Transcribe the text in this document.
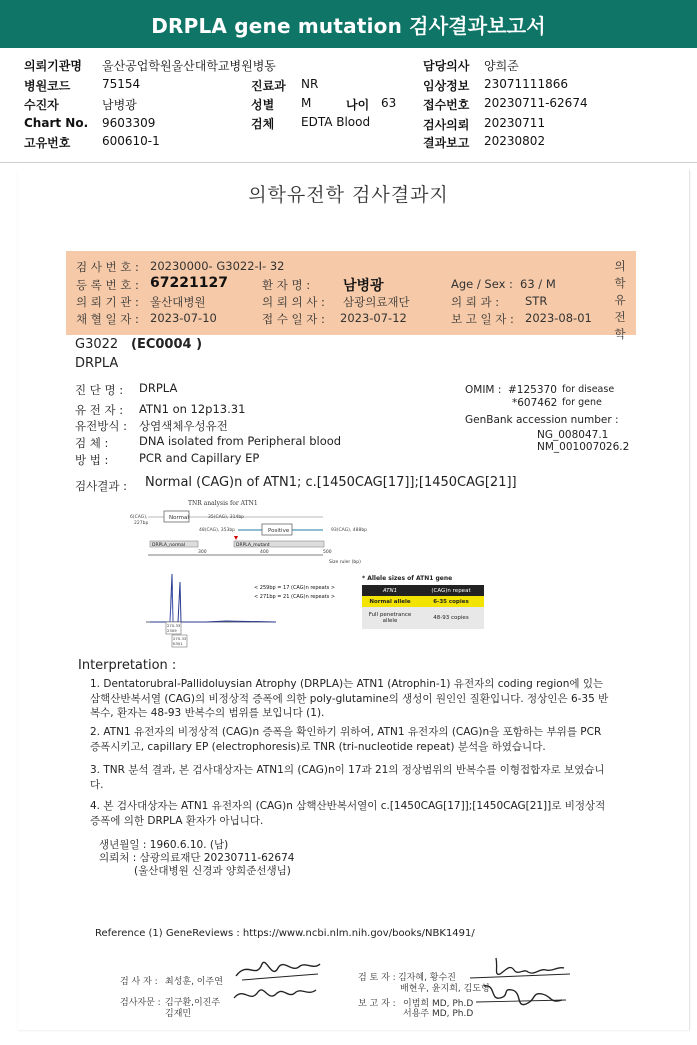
DRPLA gene mutation 검사결과보고서
의뢰기관명 울산공업학원울산대학교병원병동	담당의사 양희준
병원코드	75154	진료과 NR	임상정보 23071111866
수진자	남병광	성별 M	나이 63 접수번호 20230711-62674
Chart No. 9603309	검체 EDTA Blood	검사의뢰 20230711
고유번호	600610-1	결과보고 20230802
의학유전학 검사결과지
검 사 번 호 : 20230000- G3022-I- 32
등 록 번 호 : 67221127	환 자 명 : 남병광	Age / Sex : 63 / M
의 뢰 기 관 : 울산대병원	의 뢰 의 사 : 삼광의료재단	의 뢰 과 : STR
채 혈 일 자 : 2023-07-10	접 수 일 자 : 2023-07-12	보 고 일 자 : 2023-08-01
의
학
유
전
학
G3022 (EC0004 )
DRPLA
진 단 명 : DRPLA
유 전 자 : ATN1 on 12p13.31
유전방식 : 상염색체우성유전
검 체 :	DNA isolated from Peripheral blood
방 법 :	PCR and Capillary EP
OMIM : #125370 for disease
*607462 for gene
GenBank accession number :
NG_008047.1
NM_001007026.2
검사결과 : Normal (CAG)n of ATN1; c.[1450CAG[17]];[1450CAG[21]]
TNR analysis for ATN1
Normal
6(CAG),
227bp
35(CAG), 314bp
Positive
48(CAG), 353bp	93(CAG), 488bp
DRPLA_normal	DRPLA_mutant
300	400	500
Size ruler (bp)
270.33
2309
270.33
K301
< 259bp = 17 (CAG)n repeats >
< 271bp = 21 (CAG)n repeats >
* Allele sizes of ATN1 gene
ATN1	(CAG)n repeat
Normal allele	6-35 copies
Full penetrance allele	48-93 copies
Interpretation :

1. Dentatorubral-Pallidoluysian Atrophy (DRPLA)는 ATN1 (Atrophin-1) 유전자의 coding region에 있는 삼핵산반복서열 (CAG)의 비정상적 증폭에 의한 poly-glutamine의 생성이 원인인 질환입니다. 정상인은 6-35 반복수, 환자는 48-93 반복수의 범위를 보입니다 (1).

2. ATN1 유전자의 비정상적 (CAG)n 증폭을 확인하기 위하여, ATN1 유전자의 (CAG)n을 포함하는 부위를 PCR 증폭시키고, capillary EP (electrophoresis)로 TNR (tri-nucleotide repeat) 분석을 하였습니다.

3. TNR 분석 결과, 본 검사대상자는 ATN1의 (CAG)n이 17과 21의 정상범위의 반복수를 이형접합자로 보였습니다.

4. 본 검사대상자는 ATN1 유전자의 (CAG)n 삼핵산반복서열이 c.[1450CAG[17]];[1450CAG[21]]로 비정상적 증폭에 의한 DRPLA 환자가 아닙니다.

생년월일 : 1960.6.10. (남)
의뢰처 : 삼광의료재단 20230711-62674
(울산대병원 신경과 양희준선생님)
Reference (1) GeneReviews : https://www.ncbi.nlm.nih.gov/books/NBK1491/
검 사 자 : 최성훈, 이주연
검사자문 : 김구환,이진주
김재민
검 토 자 : 김자혜, 황수진
배현우, 윤지희, 김도형
보 고 자 : 이범희 MD, Ph.D
서용주 MD, Ph.D
